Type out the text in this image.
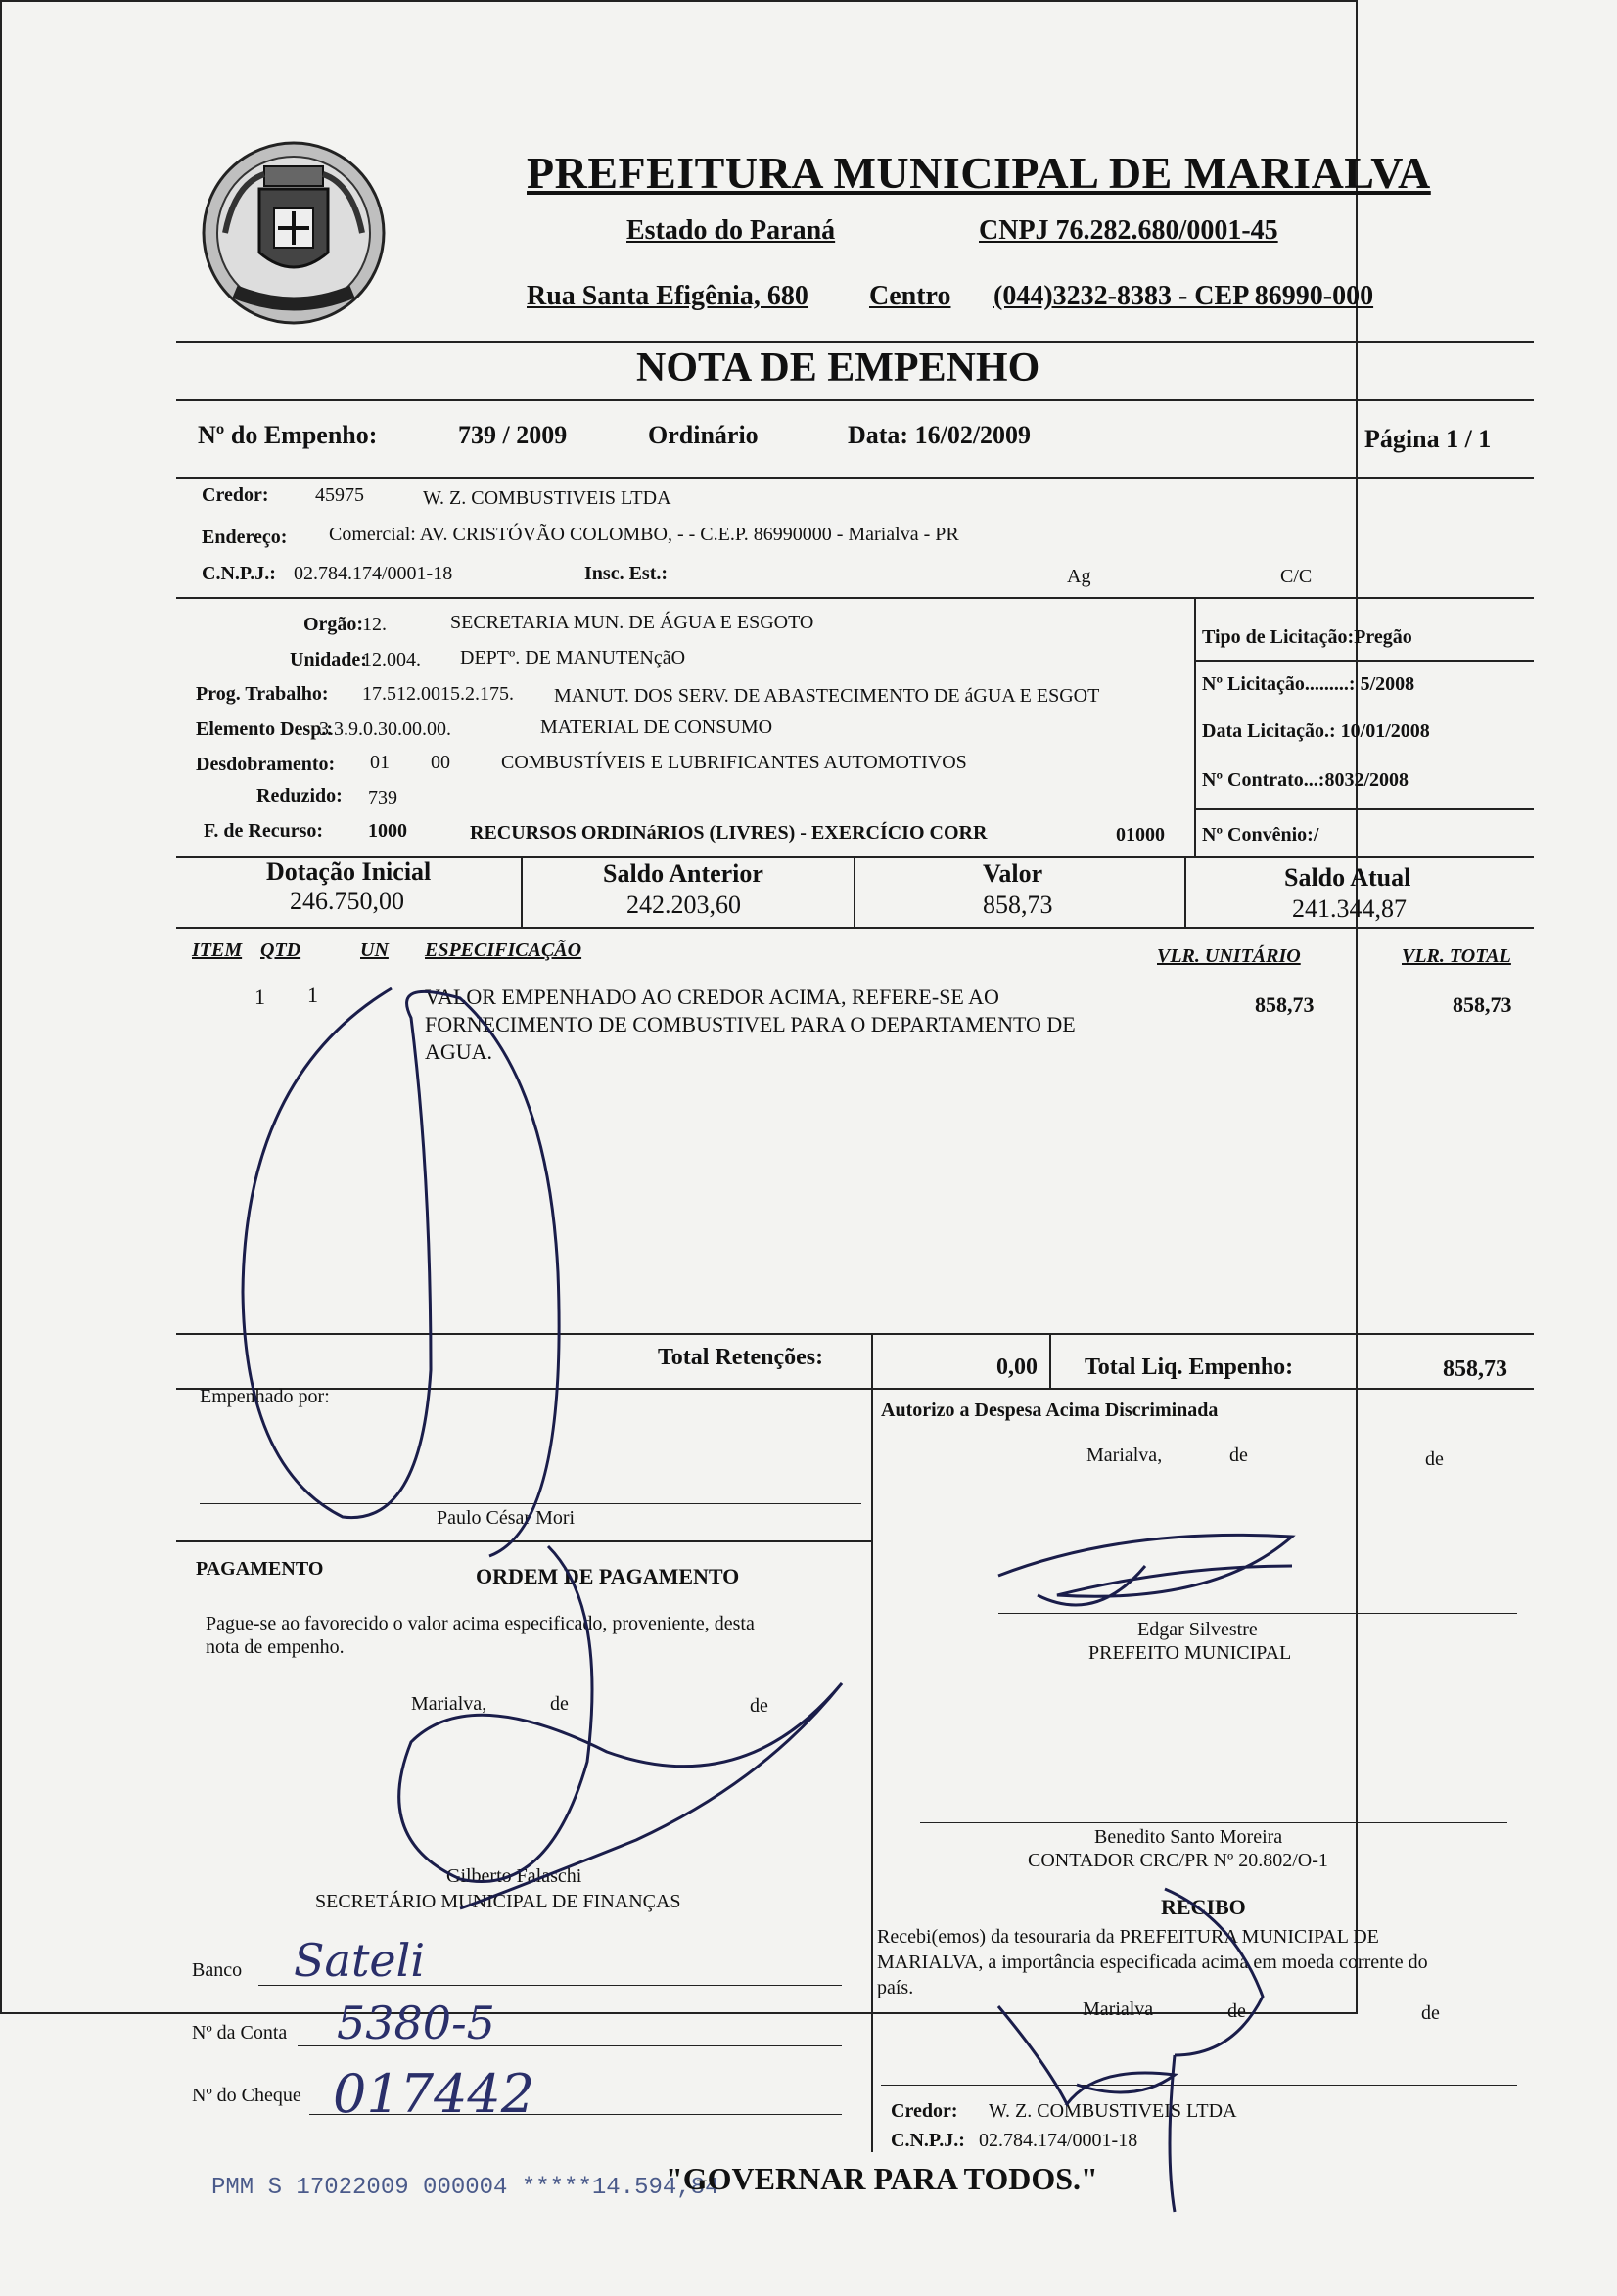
PREFEITURA MUNICIPAL DE MARIALVA
Estado do Paraná	CNPJ 76.282.680/0001-45
Rua Santa Efigênia, 680 Centro (044)3232-8383 - CEP 86990-000
NOTA DE EMPENHO
Nº do Empenho:	739 / 2009	Ordinário	Data: 16/02/2009	Página 1 / 1
Credor: 45975	W. Z. COMBUSTIVEIS LTDA
Endereço: Comercial: AV. CRISTÓVÃO COLOMBO, - - C.E.P. 86990000 - Marialva - PR
C.N.P.J.: 02.784.174/0001-18	Insc. Est.:	Ag	C/C
Orgão:
12.	SECRETARIA MUN. DE ÁGUA E ESGOTO
Unidade:
12.004. DEPTº. DE MANUTENçãO
Prog. Trabalho: 17.512.0015.2.175. MANUT. DOS SERV. DE ABASTECIMENTO DE áGUA E ESGOT
Elemento Desp.:
3.3.9.0.30.00.00.	MATERIAL DE CONSUMO
Desdobramento: 01 00	COMBUSTÍVEIS E LUBRIFICANTES AUTOMOTIVOS
Reduzido: 739
F. de Recurso: 1000	RECURSOS ORDINáRIOS (LIVRES) - EXERCÍCIO CORR	01000
Tipo de Licitação:Pregão
Nº Licitação.........: 5/2008
Data Licitação.: 10/01/2008
Nº Contrato...:8032/2008
Nº Convênio:/
Dotação Inicial
246.750,00
Saldo Anterior
242.203,60
Valor
858,73
Saldo Atual
241.344,87
ITEM QTD	UN ESPECIFICAÇÃO	VLR. UNITÁRIO	VLR. TOTAL
1 1	VALOR EMPENHADO AO CREDOR ACIMA, REFERE-SE AO
FORNECIMENTO DE COMBUSTIVEL PARA O DEPARTAMENTO DE
AGUA.
858,73	858,73
Total Retenções:	0,00 Total Liq. Empenho:	858,73
Empenhado por:
Paulo César Mori
Autorizo a Despesa Acima Discriminada
Marialva,	de	de
Edgar Silvestre
PREFEITO MUNICIPAL
PAGAMENTO	ORDEM DE PAGAMENTO
Pague-se ao favorecido o valor acima especificado, proveniente, desta
nota de empenho.
Marialva,	de	de
Gilberto Falaschi
SECRETÁRIO MUNICIPAL DE FINANÇAS
Benedito Santo Moreira
CONTADOR CRC/PR Nº 20.802/O-1
Banco Sateli
Nº da Conta 5380-5
Nº do Cheque 017442
RECIBO
Recebi(emos) da tesouraria da PREFEITURA MUNICIPAL DE
MARIALVA, a importância especificada acima em moeda corrente do
país.
Marialva	de	de
Credor: W. Z. COMBUSTIVEIS LTDA
C.N.P.J.: 02.784.174/0001-18
PMM S 17022009 000004 *****14.594,84
"GOVERNAR PARA TODOS."
